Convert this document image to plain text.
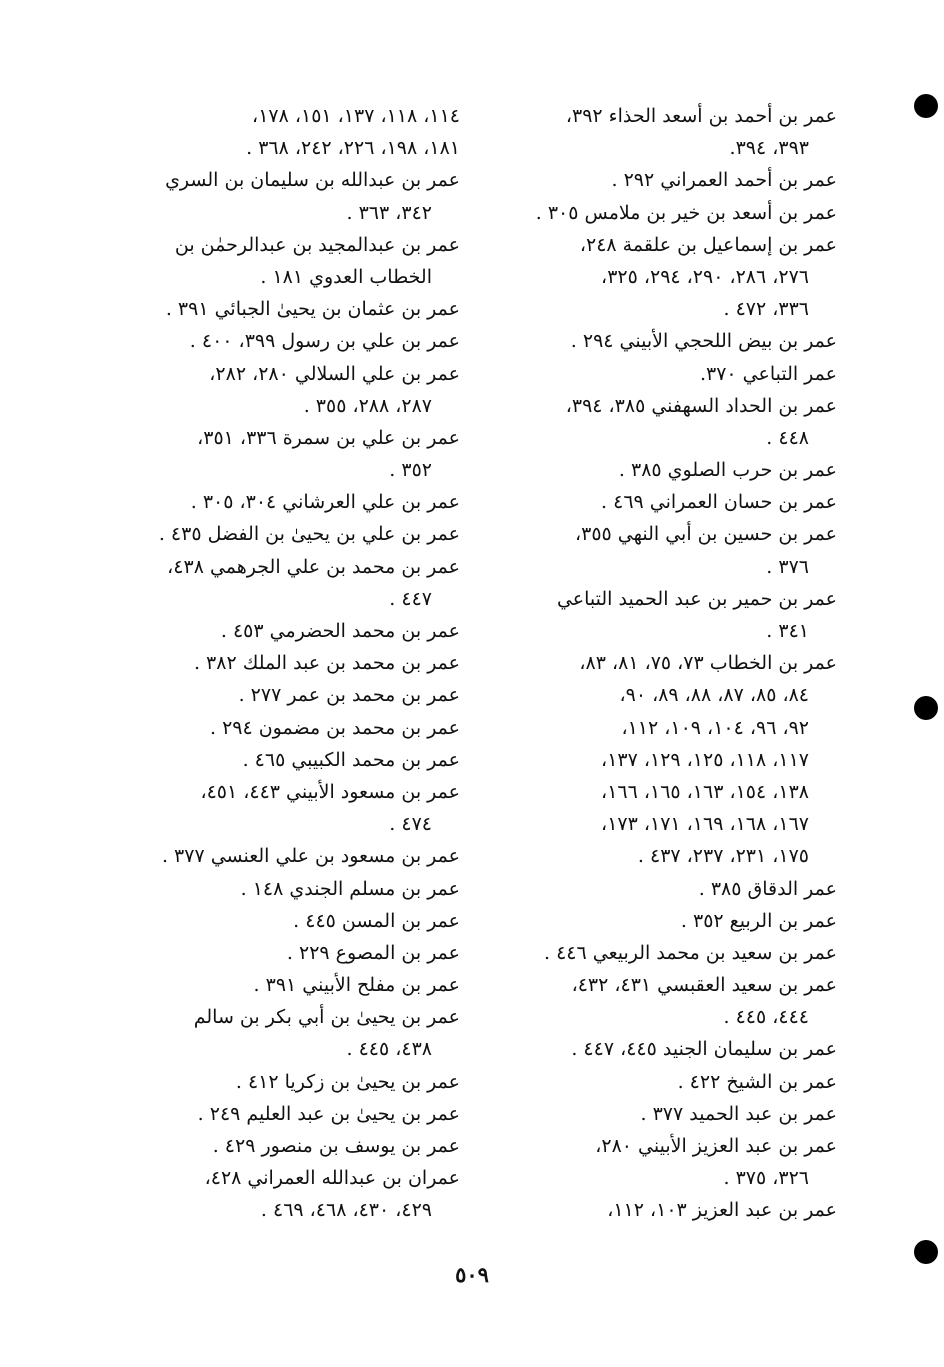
عمر بن أحمد بن أسعد الحذاء ٣٩٢،
٣٩٣، ٣٩٤.
عمر بن أحمد العمراني ٢٩٢ .
عمر بن أسعد بن خير بن ملامس ٣٠٥ .
عمر بن إسماعيل بن علقمة ٢٤٨،
٢٧٦، ٢٨٦، ٢٩٠، ٢٩٤، ٣٢٥،
٣٣٦، ٤٧٢ .
عمر بن بيض اللحجي الأبيني ٢٩٤ .
عمر التباعي ٣٧٠.
عمر بن الحداد السهفني ٣٨٥، ٣٩٤،
٤٤٨ .
عمر بن حرب الصلوي ٣٨٥ .
عمر بن حسان العمراني ٤٦٩ .
عمر بن حسين بن أبي النهي ٣٥٥،
٣٧٦ .
عمر بن حمير بن عبد الحميد التباعي
٣٤١ .
عمر بن الخطاب ٧٣، ٧٥، ٨١، ٨٣،
٨٤، ٨٥، ٨٧، ٨٨، ٨٩، ٩٠،
٩٢، ٩٦، ١٠٤، ١٠٩، ١١٢،
١١٧، ١١٨، ١٢٥، ١٢٩، ١٣٧،
١٣٨، ١٥٤، ١٦٣، ١٦٥، ١٦٦،
١٦٧، ١٦٨، ١٦٩، ١٧١، ١٧٣،
١٧٥، ٢٣١، ٢٣٧، ٤٣٧ .
عمر الدقاق ٣٨٥ .
عمر بن الربيع ٣٥٢ .
عمر بن سعيد بن محمد الربيعي ٤٤٦ .
عمر بن سعيد العقبسي ٤٣١، ٤٣٢،
٤٤٤، ٤٤٥ .
عمر بن سليمان الجنيد ٤٤٥، ٤٤٧ .
عمر بن الشيخ ٤٢٢ .
عمر بن عبد الحميد ٣٧٧ .
عمر بن عبد العزيز الأبيني ٢٨٠،
٣٢٦، ٣٧٥ .
عمر بن عبد العزيز ١٠٣، ١١٢،
١١٤، ١١٨، ١٣٧، ١٥١، ١٧٨،
١٨١، ١٩٨، ٢٢٦، ٢٤٢، ٣٦٨ .
عمر بن عبدالله بن سليمان بن السري
٣٤٢، ٣٦٣ .
عمر بن عبدالمجيد بن عبدالرحمٰن بن
الخطاب العدوي ١٨١ .
عمر بن عثمان بن يحيىٰ الجبائي ٣٩١ .
عمر بن علي بن رسول ٣٩٩، ٤٠٠ .
عمر بن علي السلالي ٢٨٠، ٢٨٢،
٢٨٧، ٢٨٨، ٣٥٥ .
عمر بن علي بن سمرة ٣٣٦، ٣٥١،
٣٥٢ .
عمر بن علي العرشاني ٣٠٤، ٣٠٥ .
عمر بن علي بن يحيىٰ بن الفضل ٤٣٥ .
عمر بن محمد بن علي الجرهمي ٤٣٨،
٤٤٧ .
عمر بن محمد الحضرمي ٤٥٣ .
عمر بن محمد بن عبد الملك ٣٨٢ .
عمر بن محمد بن عمر ٢٧٧ .
عمر بن محمد بن مضمون ٢٩٤ .
عمر بن محمد الكبيبي ٤٦٥ .
عمر بن مسعود الأبيني ٤٤٣، ٤٥١،
٤٧٤ .
عمر بن مسعود بن علي العنسي ٣٧٧ .
عمر بن مسلم الجندي ١٤٨ .
عمر بن المسن ٤٤٥ .
عمر بن المصوع ٢٢٩ .
عمر بن مفلح الأبيني ٣٩١ .
عمر بن يحيىٰ بن أبي بكر بن سالم
٤٣٨، ٤٤٥ .
عمر بن يحيىٰ بن زكريا ٤١٢ .
عمر بن يحيىٰ بن عبد العليم ٢٤٩ .
عمر بن يوسف بن منصور ٤٢٩ .
عمران بن عبدالله العمراني ٤٢٨،
٤٢٩، ٤٣٠، ٤٦٨، ٤٦٩ .
٥٠٩
